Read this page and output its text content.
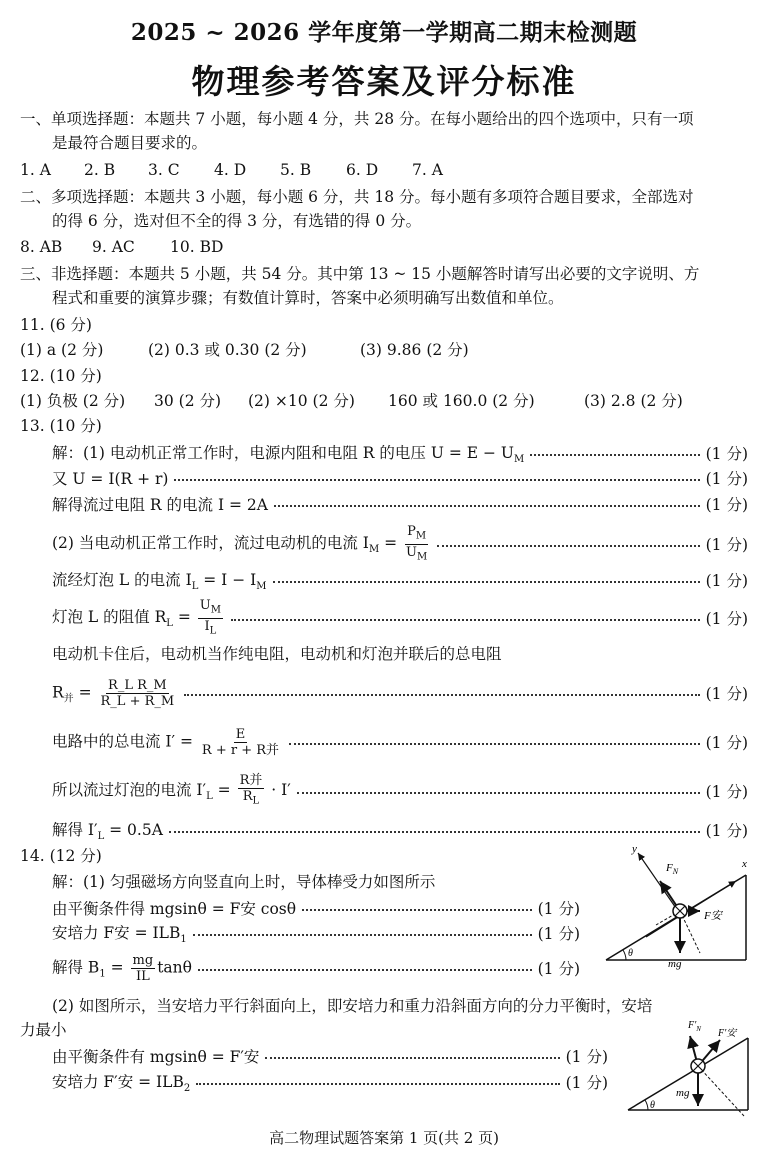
2025 ~ 2026 学年度第一学期高二期末检测题
物理参考答案及评分标准
一、单项选择题：本题共 7 小题，每小题 4 分，共 28 分。在每小题给出的四个选项中，只有一项
是最符合题目要求的。
1. A 2. B 3. C 4. D 5. B 6. D 7. A
二、多项选择题：本题共 3 小题，每小题 6 分，共 18 分。每小题有多项符合题目要求，全部选对
的得 6 分，选对但不全的得 3 分，有选错的得 0 分。
8. AB 9. AC 10. BD
三、非选择题：本题共 5 小题，共 54 分。其中第 13 ~ 15 小题解答时请写出必要的文字说明、方
程式和重要的演算步骤；有数值计算时，答案中必须明确写出数值和单位。
11. (6 分)
(1) a (2 分)	(2) 0.3 或 0.30 (2 分)	(3) 9.86 (2 分)
12. (10 分)
(1) 负极 (2 分) 30 (2 分) (2) ×10 (2 分) 160 或 160.0 (2 分)	(3) 2.8 (2 分)
13. (10 分)
解：(1) 电动机正常工作时，电源内阻和电阻 R 的电压 $U = E - U_M$	(1 分)
又 U = I(R + r)	(1 分)
解得流过电阻 R 的电流 I = 2A	(1 分)
(2) 当电动机正常工作时，流过电动机的电流 $I_M = \frac{P_M}{U_M}$	(1 分)
流经灯泡 L 的电流 $I_L = I - I_M$	(1 分)
灯泡 L 的阻值 $R_L = \frac{U_M}{I_L}$	(1 分)
电动机卡住后，电动机当作纯电阻，电动机和灯泡并联后的总电阻
$R_并 = \frac{\text{R\_L R\_M}}{R\_L + R\_M}$	(1 分)
电路中的总电流 $I' = \frac{E}{\text{R + r + R并}}$	(1 分)
所以流过灯泡的电流 $I'_L = \frac{\text{R并}}{R_L} \cdot I'$	(1 分)
解得 $I'_L = 0.5A$	(1 分)
14. (12 分)
解：(1) 匀强磁场方向竖直向上时，导体棒受力如图所示
由平衡条件得 mgsinθ = F安 cosθ	(1 分)
安培力 F安 = $ILB_1$	(1 分)
解得 $B_1 = \frac{mg}{IL}$ tanθ	(1 分)
(2) 如图所示，当安培力平行斜面向上，即安培力和重力沿斜面方向的分力平衡时，安培
力最小
由平衡条件有 mgsinθ = F′安	(1 分)
安培力 F′安 = $ILB_2$	(1 分)
y
x
$F_N$
F安
mg
θ
$F'_N$ F′安
mg
θ
高二物理试题答案第 1 页(共 2 页)
